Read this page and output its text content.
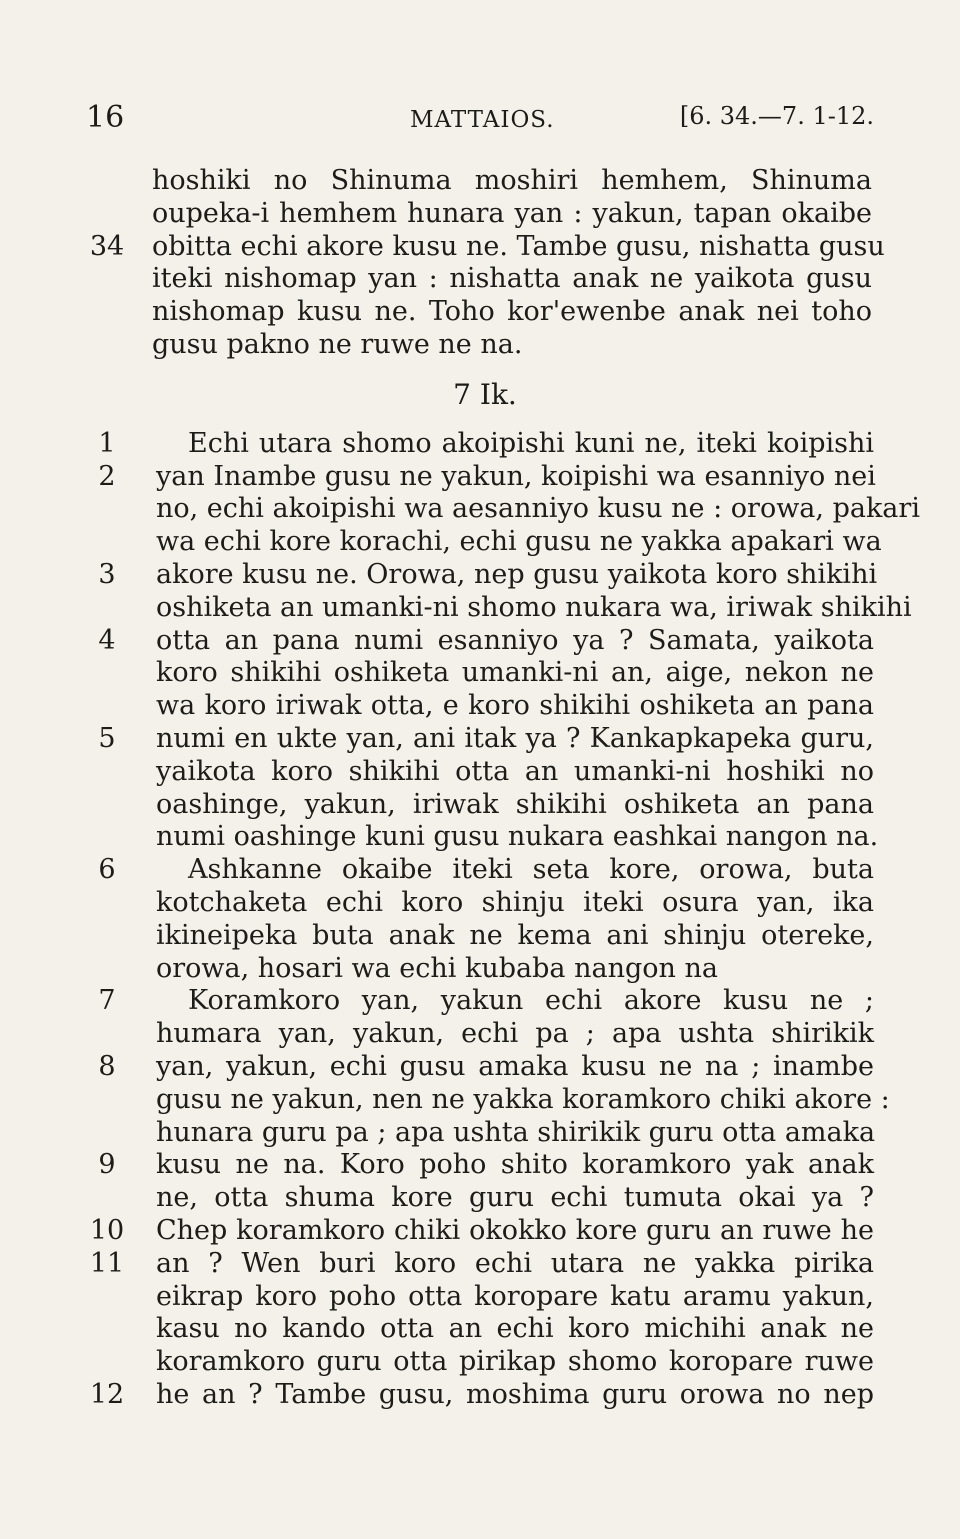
16	MATTAIOS.	[6. 34.—7. 1-12.
hoshiki no Shinuma moshiri hemhem, Shinuma
oupeka-i hemhem hunara yan : yakun, tapan okaibe
34 obitta echi akore kusu ne. Tambe gusu, nishatta gusu
iteki nishomap yan : nishatta anak ne yaikota gusu
nishomap kusu ne. Toho kor'ewenbe anak nei toho
gusu pakno ne ruwe ne na.
7 Ik.
1	Echi utara shomo akoipishi kuni ne, iteki koipishi
2	yan Inambe gusu ne yakun, koipishi wa esanniyo nei
no, echi akoipishi wa aesanniyo kusu ne : orowa, pakari
wa echi kore korachi, echi gusu ne yakka apakari wa
3	akore kusu ne. Orowa, nep gusu yaikota koro shikihi
oshiketa an umanki-ni shomo nukara wa, iriwak shikihi
4	otta an pana numi esanniyo ya ? Samata, yaikota
koro shikihi oshiketa umanki-ni an, aige, nekon ne
wa koro iriwak otta, e koro shikihi oshiketa an pana
5	numi en ukte yan, ani itak ya ? Kankapkapeka guru,
yaikota koro shikihi otta an umanki-ni hoshiki no
oashinge, yakun, iriwak shikihi oshiketa an pana
numi oashinge kuni gusu nukara eashkai nangon na.
6	Ashkanne okaibe iteki seta kore, orowa, buta
kotchaketa echi koro shinju iteki osura yan, ika
ikineipeka buta anak ne kema ani shinju otereke,
orowa, hosari wa echi kubaba nangon na
7	Koramkoro yan, yakun echi akore kusu ne ;
humara yan, yakun, echi pa ; apa ushta shirikik
8	yan, yakun, echi gusu amaka kusu ne na ; inambe
gusu ne yakun, nen ne yakka koramkoro chiki akore :
hunara guru pa ; apa ushta shirikik guru otta amaka
9	kusu ne na. Koro poho shito koramkoro yak anak
ne, otta shuma kore guru echi tumuta okai ya ?
10 Chep koramkoro chiki okokko kore guru an ruwe he
11 an ? Wen buri koro echi utara ne yakka pirika
eikrap koro poho otta koropare katu aramu yakun,
kasu no kando otta an echi koro michihi anak ne
koramkoro guru otta pirikap shomo koropare ruwe
12 he an ? Tambe gusu, moshima guru orowa no nep
